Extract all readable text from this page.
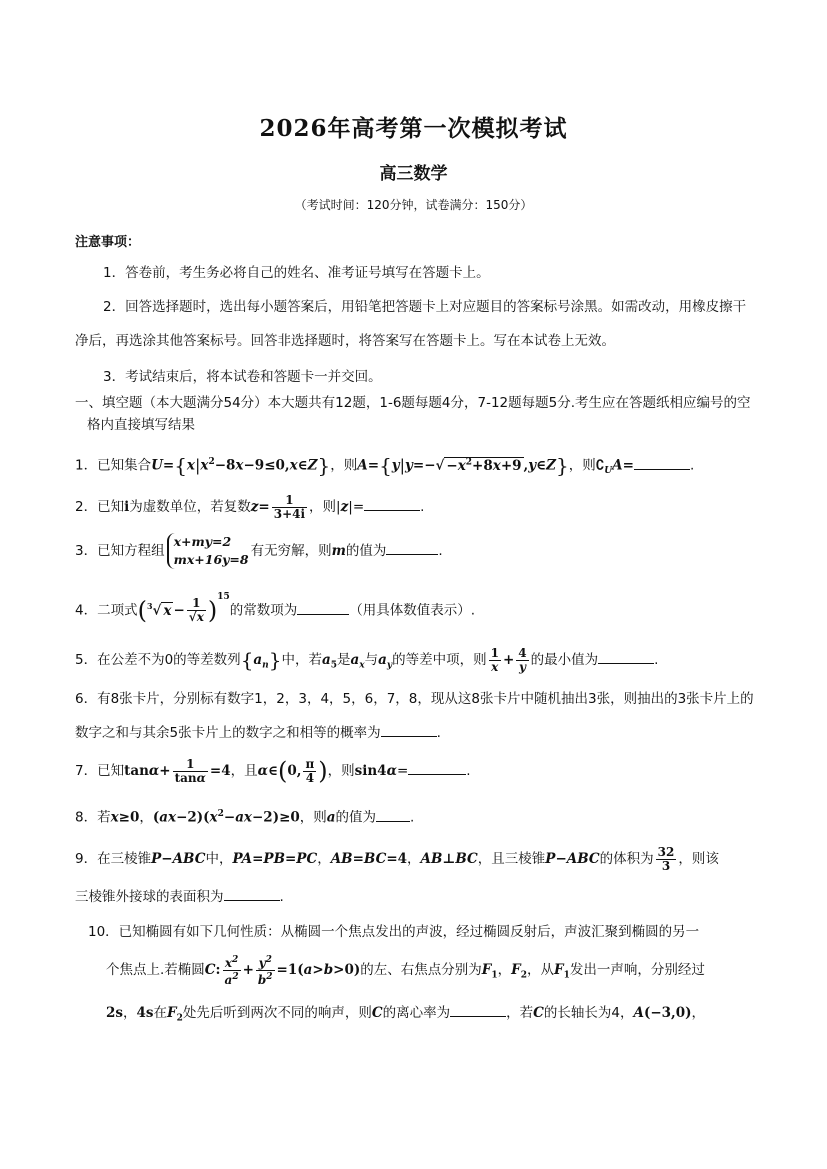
2026年高考第一次模拟考试
高三数学
（考试时间：120分钟，试卷满分：150分）
注意事项：
1．答卷前，考生务必将自己的姓名、准考证号填写在答题卡上。
2．回答选择题时，选出每小题答案后，用铅笔把答题卡上对应题目的答案标号涂黑。如需改动，用橡皮擦干净后，再选涂其他答案标号。回答非选择题时，将答案写在答题卡上。写在本试卷上无效。
3．考试结束后，将本试卷和答题卡一并交回。
一、填空题（本大题满分54分）本大题共有12题，1-6题每题4分，7-12题每题5分.考生应在答题纸相应编号的空格内直接填写结果
1．已知集合$U=\{x|x^2-8x-9\le 0,x\in Z\}$，则$A=\{y|y=-√ -x^2+8x+9$ ,y∈Z}，则$∁_UA=$	.
2．已知i为虚数单位，若复数$z= \frac{1}{3+4i}$ ，则|z|=	.
3．已知方程组x+my=2
mx+16y=8有无穷解，则m的值为	.
4．二项式($^3$√ $x - \frac{1}{√x} )^{15}$的常数项为	（用具体数值表示）.
5．在公差不为0的等差数列$\{a_n\}$中，若$a_5$是$a_x$与$a_y$的等差中项，则 $\frac{1}{x} + \frac{4}{y}$ 的最小值为	.
6．有8张卡片，分别标有数字1，2，3，4，5，6，7，8，现从这8张卡片中随机抽出3张，则抽出的3张卡片上的数字之和与其余5张卡片上的数字之和相等的概率为	.
7．已知$\tan\alpha+ \frac{1}{\tan\alpha} =4$，且α∈(0, $\frac{\pi}{4}$ )，则sin4α=	.
8．若x≥0，$(ax-2)(x^2-ax-2)\ge 0$，则a的值为	.
9．在三棱锥P−ABC中，PA=PB=PC，AB=BC=4，AB⊥BC，且三棱锥P−ABC的体积为 $\frac{32}{3}$ ，则该
三棱锥外接球的表面积为	.
10．已知椭圆有如下几何性质：从椭圆一个焦点发出的声波，经过椭圆反射后，声波汇聚到椭圆的另一
个焦点上.若椭圆C: $\frac{x^2}{a^2} + \frac{y^2}{b^2} =1(a>b>0)$的左、右焦点分别为$F_1$，$F_2$，从$F_1$发出一声响，分别经过
2s，4s在$F_2$处先后听到两次不同的响声，则C的离心率为	，若C的长轴长为4，A(−3,0)，
